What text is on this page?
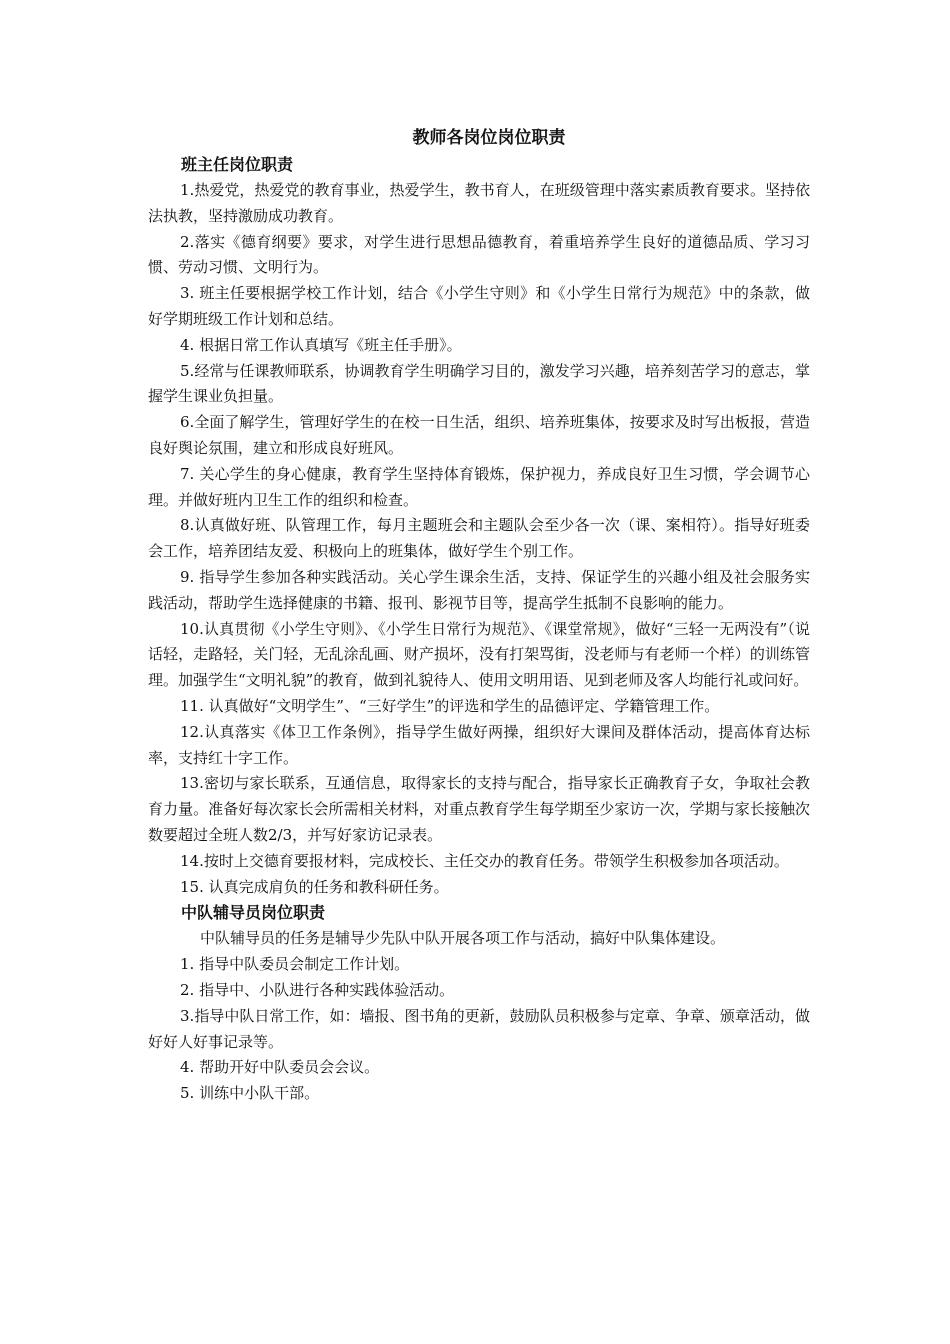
教师各岗位岗位职责
班主任岗位职责

1.热爱党，热爱党的教育事业，热爱学生，教书育人，在班级管理中落实素质教育要求。坚持依法执教，坚持激励成功教育。

2.落实《德育纲要》要求，对学生进行思想品德教育，着重培养学生良好的道德品质、学习习惯、劳动习惯、文明行为。

3. 班主任要根据学校工作计划，结合《小学生守则》和《小学生日常行为规范》中的条款，做好学期班级工作计划和总结。

4. 根据日常工作认真填写《班主任手册》。

5.经常与任课教师联系，协调教育学生明确学习目的，激发学习兴趣，培养刻苦学习的意志，掌握学生课业负担量。

6.全面了解学生，管理好学生的在校一日生活，组织、培养班集体，按要求及时写出板报，营造良好舆论氛围，建立和形成良好班风。

7. 关心学生的身心健康，教育学生坚持体育锻炼，保护视力，养成良好卫生习惯，学会调节心理。并做好班内卫生工作的组织和检查。

8.认真做好班、队管理工作，每月主题班会和主题队会至少各一次（课、案相符）。指导好班委会工作，培养团结友爱、积极向上的班集体，做好学生个别工作。

9. 指导学生参加各种实践活动。关心学生课余生活，支持、保证学生的兴趣小组及社会服务实践活动，帮助学生选择健康的书籍、报刊、影视节目等，提高学生抵制不良影响的能力。

10.认真贯彻《小学生守则》、《小学生日常行为规范》、《课堂常规》，做好“三轻一无两没有”（说话轻，走路轻，关门轻，无乱涂乱画、财产损坏，没有打架骂街，没老师与有老师一个样）的训练管理。加强学生“文明礼貌”的教育，做到礼貌待人、使用文明用语、见到老师及客人均能行礼或问好。

11. 认真做好“文明学生”、“三好学生”的评选和学生的品德评定、学籍管理工作。

12.认真落实《体卫工作条例》，指导学生做好两操，组织好大课间及群体活动，提高体育达标率，支持红十字工作。

13.密切与家长联系，互通信息，取得家长的支持与配合，指导家长正确教育子女，争取社会教育力量。准备好每次家长会所需相关材料，对重点教育学生每学期至少家访一次，学期与家长接触次数要超过全班人数2/3，并写好家访记录表。

14.按时上交德育要报材料，完成校长、主任交办的教育任务。带领学生积极参加各项活动。

15. 认真完成肩负的任务和教科研任务。

中队辅导员岗位职责

中队辅导员的任务是辅导少先队中队开展各项工作与活动，搞好中队集体建设。

1. 指导中队委员会制定工作计划。

2. 指导中、小队进行各种实践体验活动。

3.指导中队日常工作，如：墙报、图书角的更新，鼓励队员积极参与定章、争章、颁章活动，做好好人好事记录等。

4. 帮助开好中队委员会会议。

5. 训练中小队干部。
